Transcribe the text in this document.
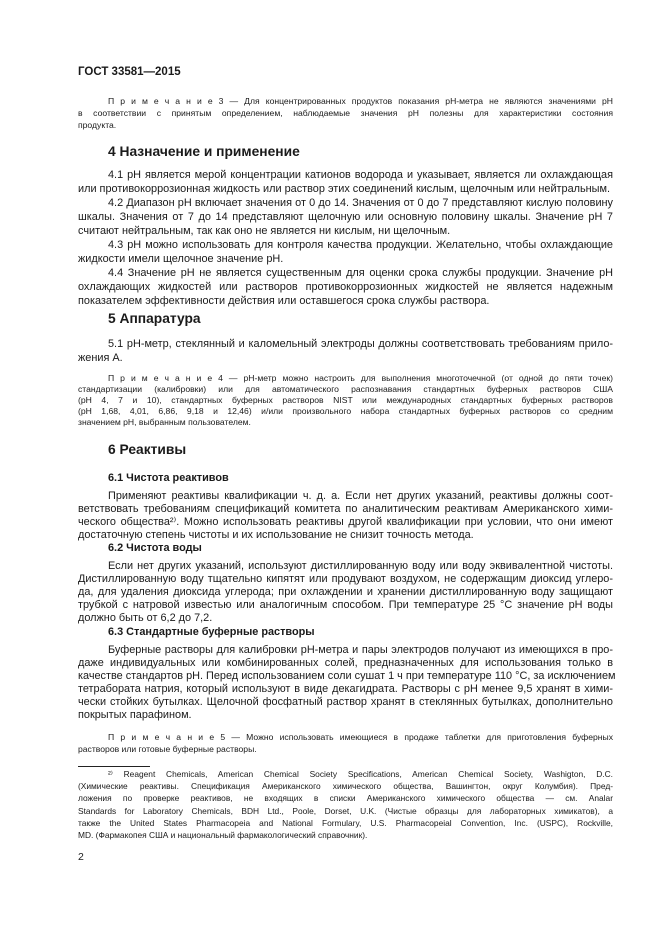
ГОСТ 33581—2015
4 Назначение и применение
5 Аппаратура
6 Реактивы
6.1 Чистота реактивов
6.2 Чистота воды
6.3 Стандартные буферные растворы
П р и м е ч а н и е 3 — Для концентрированных продуктов показания pH-метра не являются значениями pH
в соответствии с принятым определением, наблюдаемые значения pH полезны для характеристики состояния
продукта.
4.1 pH является мерой концентрации катионов водорода и указывает, является ли охлаждающая
или противокоррозионная жидкость или раствор этих соединений кислым, щелочным или нейтральным.
4.2 Диапазон pH включает значения от 0 до 14. Значения от 0 до 7 представляют кислую половину
шкалы. Значения от 7 до 14 представляют щелочную или основную половину шкалы. Значение pH 7
считают нейтральным, так как оно не является ни кислым, ни щелочным.
4.3 pH можно использовать для контроля качества продукции. Желательно, чтобы охлаждающие
жидкости имели щелочное значение pH.
4.4 Значение pH не является существенным для оценки срока службы продукции. Значение pH
охлаждающих жидкостей или растворов противокоррозионных жидкостей не является надежным
показателем эффективности действия или оставшегося срока службы раствора.
5.1 pH-метр, стеклянный и каломельный электроды должны соответствовать требованиям прило-
жения А.
П р и м е ч а н и е 4 — pH-метр можно настроить для выполнения многоточечной (от одной до пяти точек)
стандартизации (калибровки) или для автоматического распознавания стандартных буферных растворов США
(pH 4, 7 и 10), стандартных буферных растворов NIST или международных стандартных буферных растворов
(pH 1,68, 4,01, 6,86, 9,18 и 12,46) и/или произвольного набора стандартных буферных растворов со средним
значением pH, выбранным пользователем.
Применяют реактивы квалификации ч. д. а. Если нет других указаний, реактивы должны соот-
ветствовать требованиям спецификаций комитета по аналитическим реактивам Американского хими-
ческого общества²⁾. Можно использовать реактивы другой квалификации при условии, что они имеют
достаточную степень чистоты и их использование не снизит точность метода.
Если нет других указаний, используют дистиллированную воду или воду эквивалентной чистоты.
Дистиллированную воду тщательно кипятят или продувают воздухом, не содержащим диоксид углеро-
да, для удаления диоксида углерода; при охлаждении и хранении дистиллированную воду защищают
трубкой с натровой известью или аналогичным способом. При температуре 25 °C значение pH воды
должно быть от 6,2 до 7,2.
Буферные растворы для калибровки pH-метра и пары электродов получают из имеющихся в про-
даже индивидуальных или комбинированных солей, предназначенных для использования только в
качестве стандартов pH. Перед использованием соли сушат 1 ч при температуре 110 °C, за исключением
тетрабората натрия, который используют в виде декагидрата. Растворы с pH менее 9,5 хранят в хими-
чески стойких бутылках. Щелочной фосфатный раствор хранят в стеклянных бутылках, дополнительно
покрытых парафином.
П р и м е ч а н и е 5 — Можно использовать имеющиеся в продаже таблетки для приготовления буферных
растворов или готовые буферные растворы.
²⁾ Reagent Chemicals, American Chemical Society Specifications, American Chemical Society, Washigton, D.C.
(Химические реактивы. Спецификация Американского химического общества, Вашингтон, округ Колумбия). Пред-
ложения по проверке реактивов, не входящих в списки Американского химического общества — см. Analar
Standards for Laboratory Chemicals, BDH Ltd., Poole, Dorset, U.K. (Чистые образцы для лабораторных химикатов), а
также the United States Pharmacopeia and National Formulary, U.S. Pharmacopeial Convention, Inc. (USPC), Rockville,
MD. (Фармакопея США и национальный фармакологический справочник).
2
